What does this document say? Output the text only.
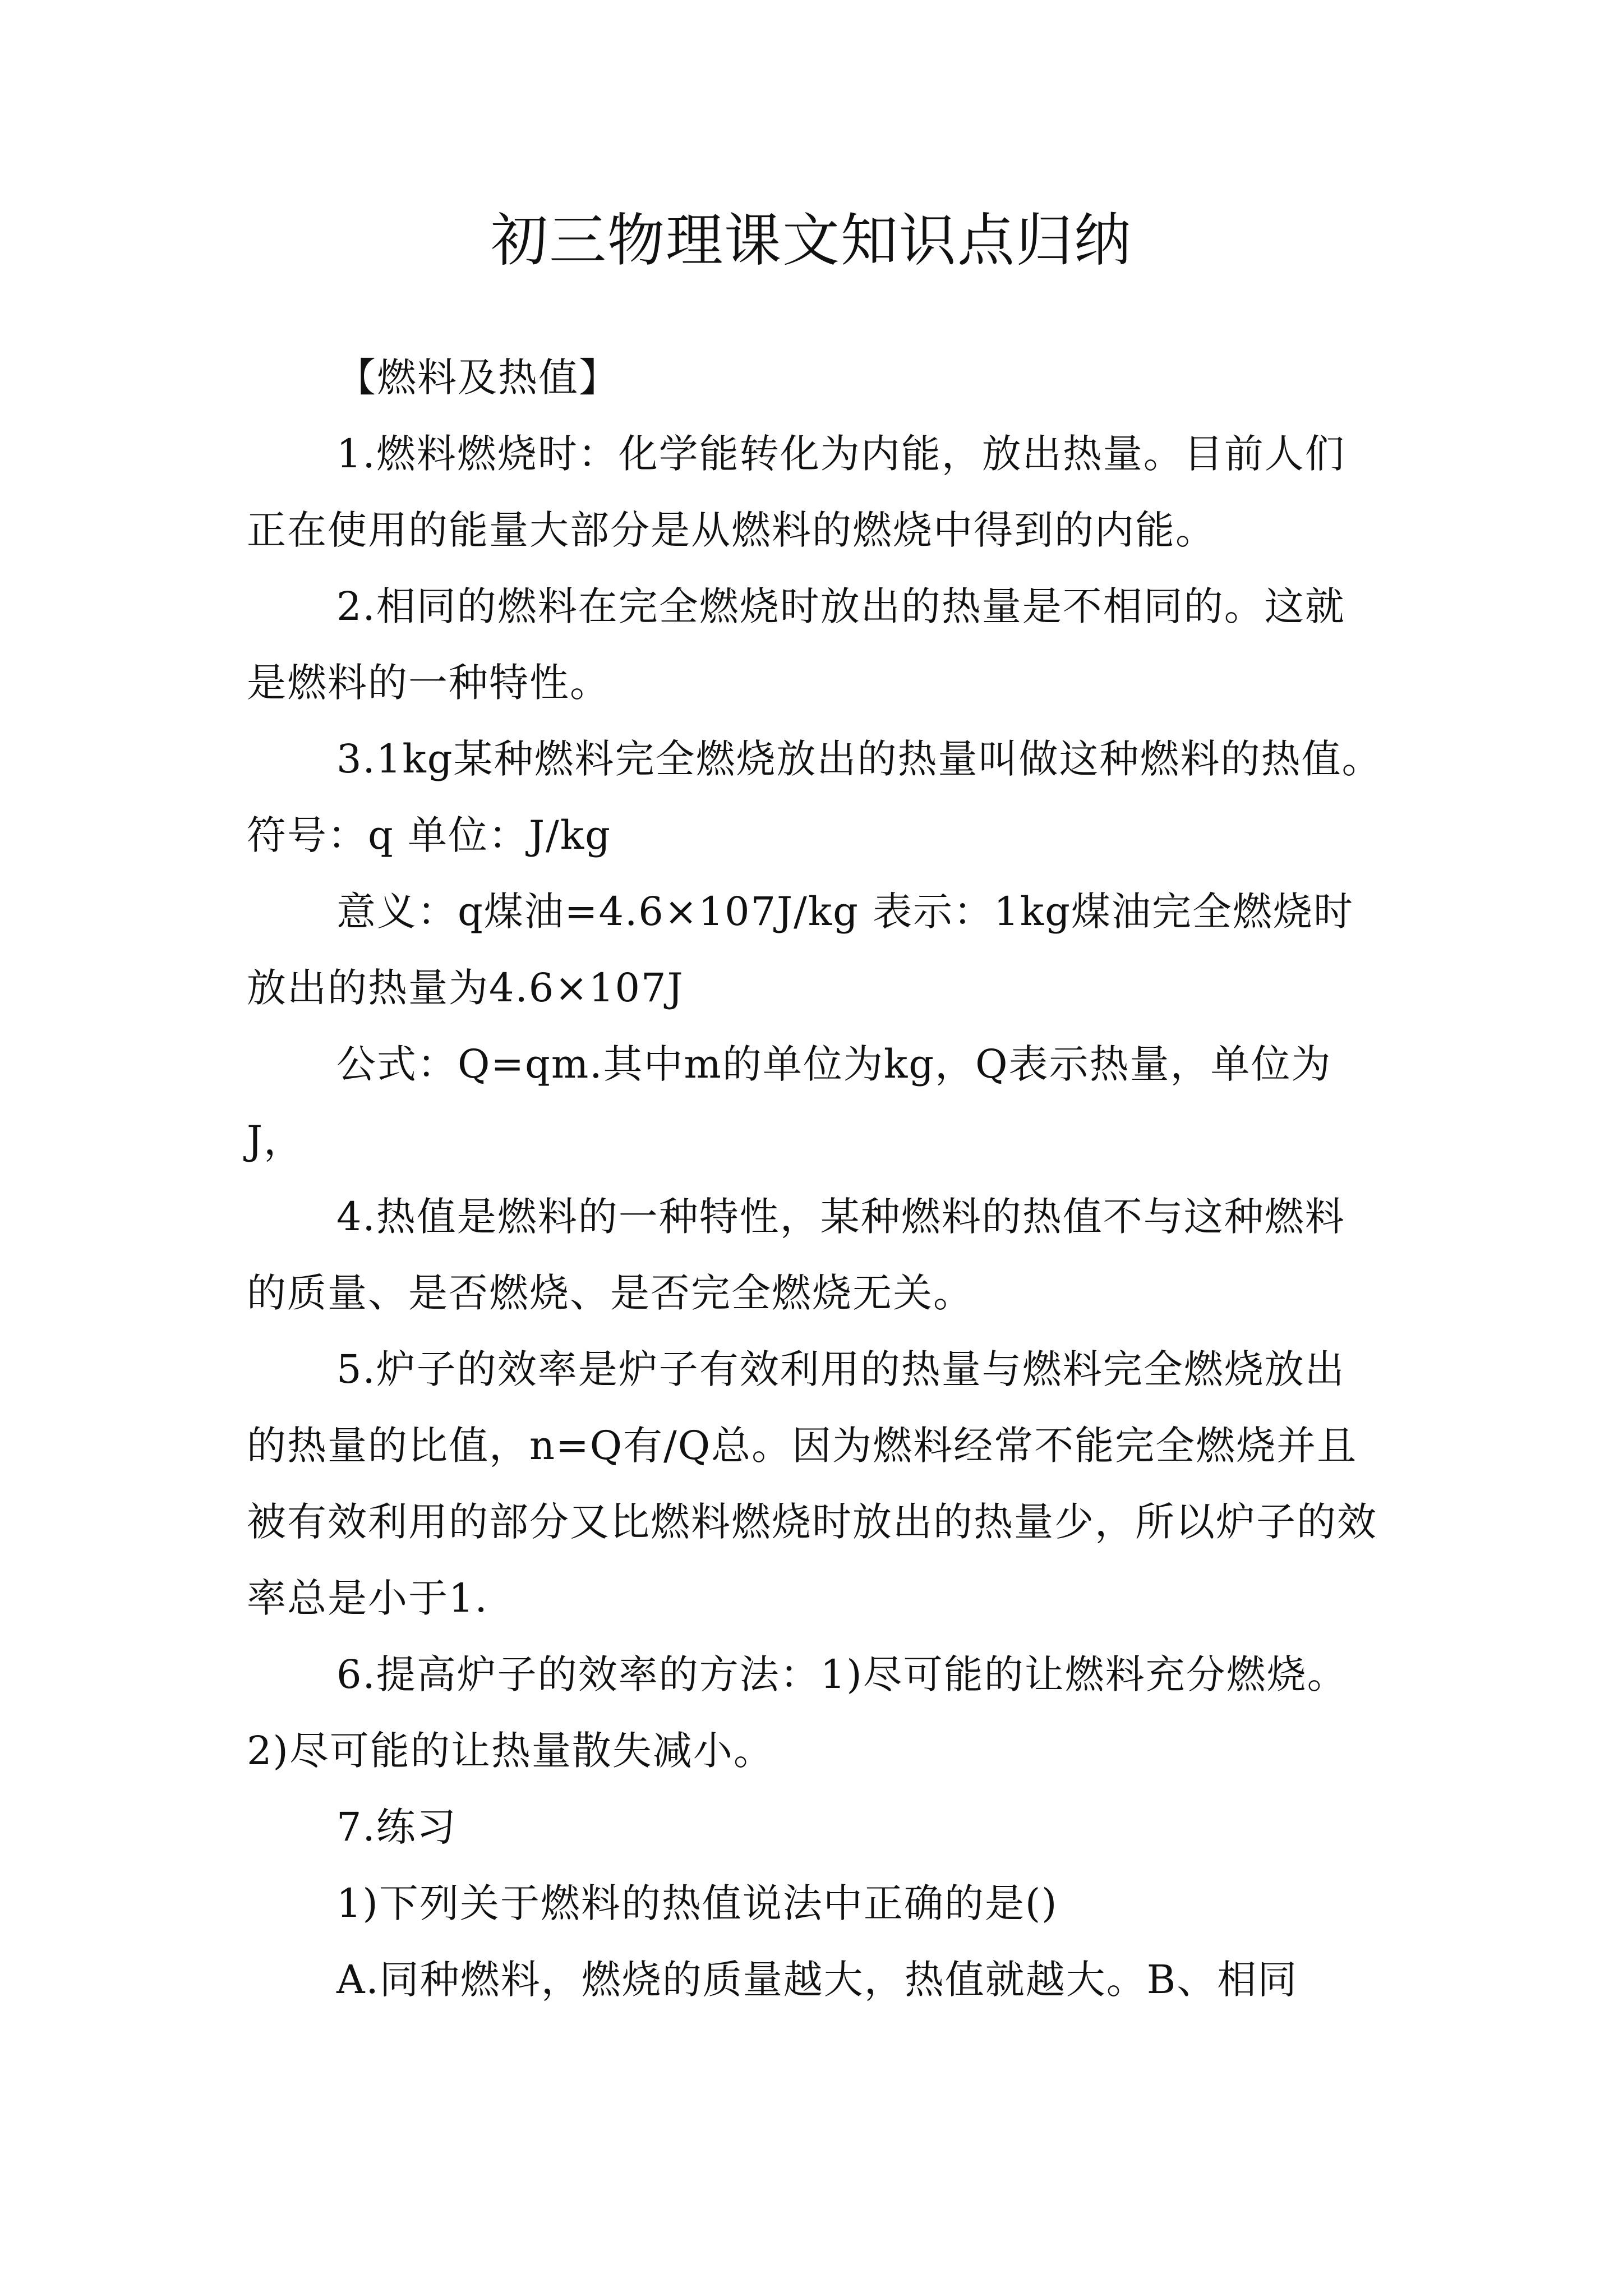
初三物理课文知识点归纳

【燃料及热值】

1.燃料燃烧时：化学能转化为内能，放出热量。目前人们正在使用的能量大部分是从燃料的燃烧中得到的内能。

2.相同的燃料在完全燃烧时放出的热量是不相同的。这就是燃料的一种特性。

3.1kg某种燃料完全燃烧放出的热量叫做这种燃料的热值。符号：q 单位：J/kg

意义：q煤油=4.6×107J/kg 表示：1kg煤油完全燃烧时放出的热量为4.6×107J

公式：Q=qm.其中m的单位为kg，Q表示热量，单位为J，

4.热值是燃料的一种特性，某种燃料的热值不与这种燃料的质量、是否燃烧、是否完全燃烧无关。

5.炉子的效率是炉子有效利用的热量与燃料完全燃烧放出的热量的比值，n=Q有/Q总。因为燃料经常不能完全燃烧并且被有效利用的部分又比燃料燃烧时放出的热量少，所以炉子的效率总是小于1.

6.提高炉子的效率的方法：1)尽可能的让燃料充分燃烧。2)尽可能的让热量散失减小。

7.练习

1)下列关于燃料的热值说法中正确的是()

A.同种燃料，燃烧的质量越大，热值就越大。B、相同
